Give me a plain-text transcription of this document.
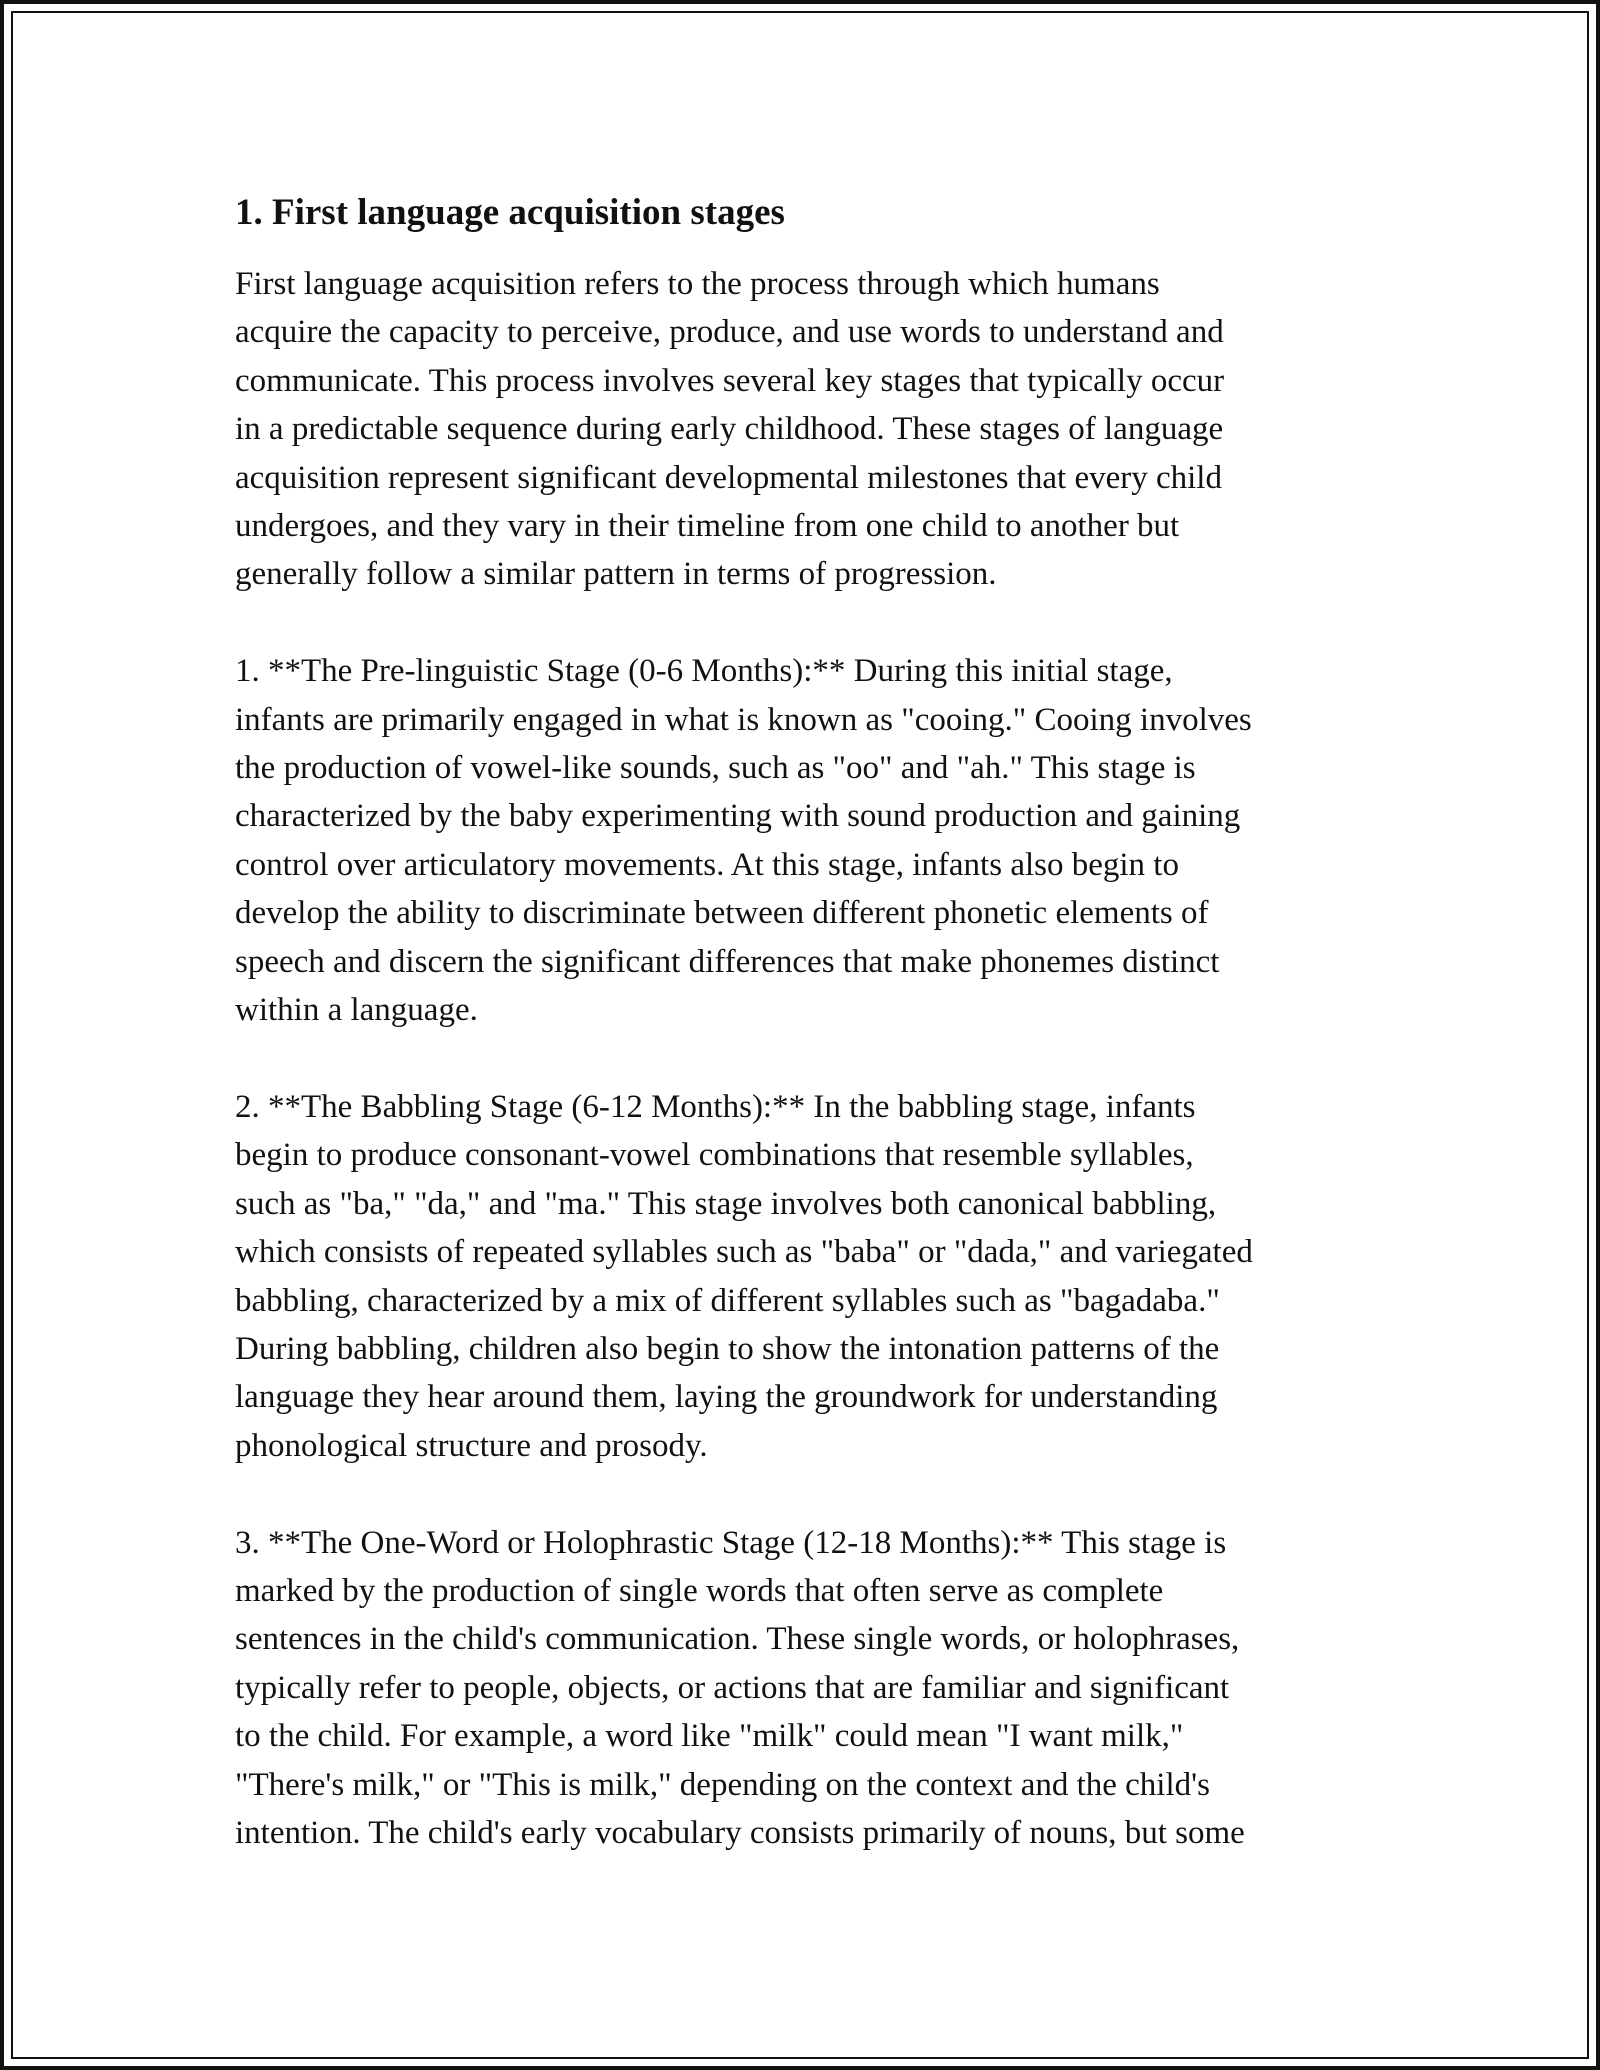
1. First language acquisition stages

First language acquisition refers to the process through which humans
acquire the capacity to perceive, produce, and use words to understand and
communicate. This process involves several key stages that typically occur
in a predictable sequence during early childhood. These stages of language
acquisition represent significant developmental milestones that every child
undergoes, and they vary in their timeline from one child to another but
generally follow a similar pattern in terms of progression.

1. **The Pre-linguistic Stage (0-6 Months):** During this initial stage,
infants are primarily engaged in what is known as "cooing." Cooing involves
the production of vowel-like sounds, such as "oo" and "ah." This stage is
characterized by the baby experimenting with sound production and gaining
control over articulatory movements. At this stage, infants also begin to
develop the ability to discriminate between different phonetic elements of
speech and discern the significant differences that make phonemes distinct
within a language.

2. **The Babbling Stage (6-12 Months):** In the babbling stage, infants
begin to produce consonant-vowel combinations that resemble syllables,
such as "ba," "da," and "ma." This stage involves both canonical babbling,
which consists of repeated syllables such as "baba" or "dada," and variegated
babbling, characterized by a mix of different syllables such as "bagadaba."
During babbling, children also begin to show the intonation patterns of the
language they hear around them, laying the groundwork for understanding
phonological structure and prosody.

3. **The One-Word or Holophrastic Stage (12-18 Months):** This stage is
marked by the production of single words that often serve as complete
sentences in the child's communication. These single words, or holophrases,
typically refer to people, objects, or actions that are familiar and significant
to the child. For example, a word like "milk" could mean "I want milk,"
"There's milk," or "This is milk," depending on the context and the child's
intention. The child's early vocabulary consists primarily of nouns, but some
